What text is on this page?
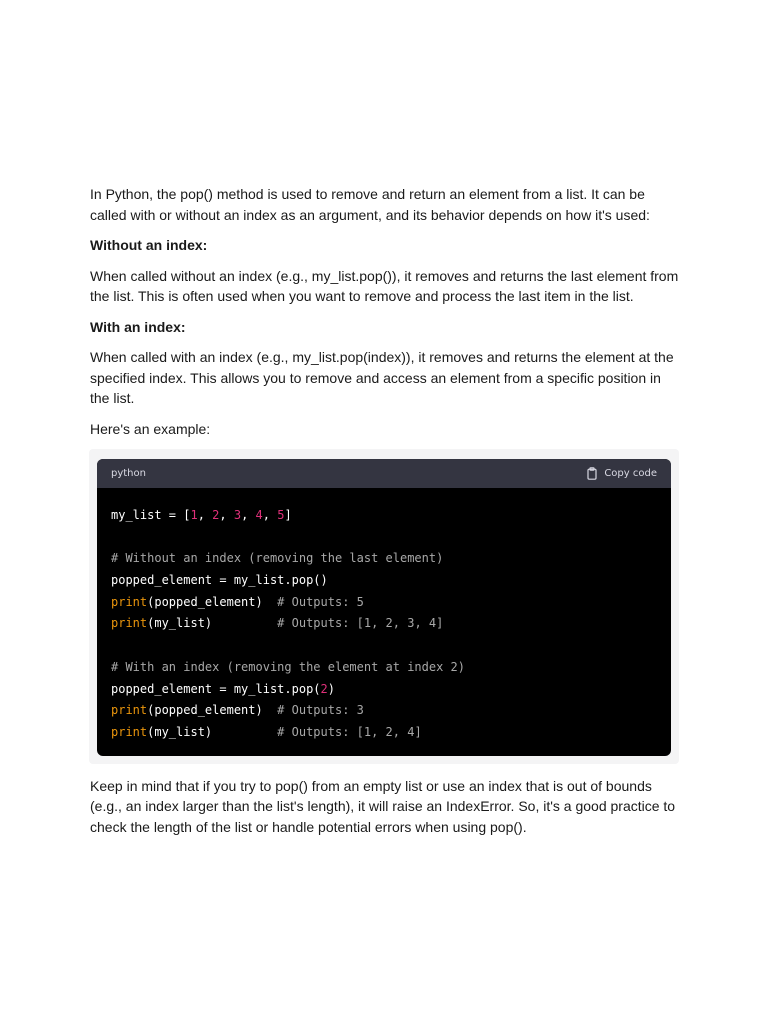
In Python, the pop() method is used to remove and return an element from a list. It can be called with or without an index as an argument, and its behavior depends on how it's used:

Without an index:

When called without an index (e.g., my_list.pop()), it removes and returns the last element from the list. This is often used when you want to remove and process the last item in the list.

With an index:

When called with an index (e.g., my_list.pop(index)), it removes and returns the element at the specified index. This allows you to remove and access an element from a specific position in the list.

Here's an example:

python	Copy code
my_list = [1, 2, 3, 4, 5]
# Without an index (removing the last element)
popped_element = my_list.pop()
print(popped_element)  # Outputs: 5
print(my_list)         # Outputs: [1, 2, 3, 4]
# With an index (removing the element at index 2)
popped_element = my_list.pop(2)
print(popped_element)  # Outputs: 3
print(my_list)         # Outputs: [1, 2, 4]

Keep in mind that if you try to pop() from an empty list or use an index that is out of bounds (e.g., an index larger than the list's length), it will raise an IndexError. So, it's a good practice to check the length of the list or handle potential errors when using pop().
